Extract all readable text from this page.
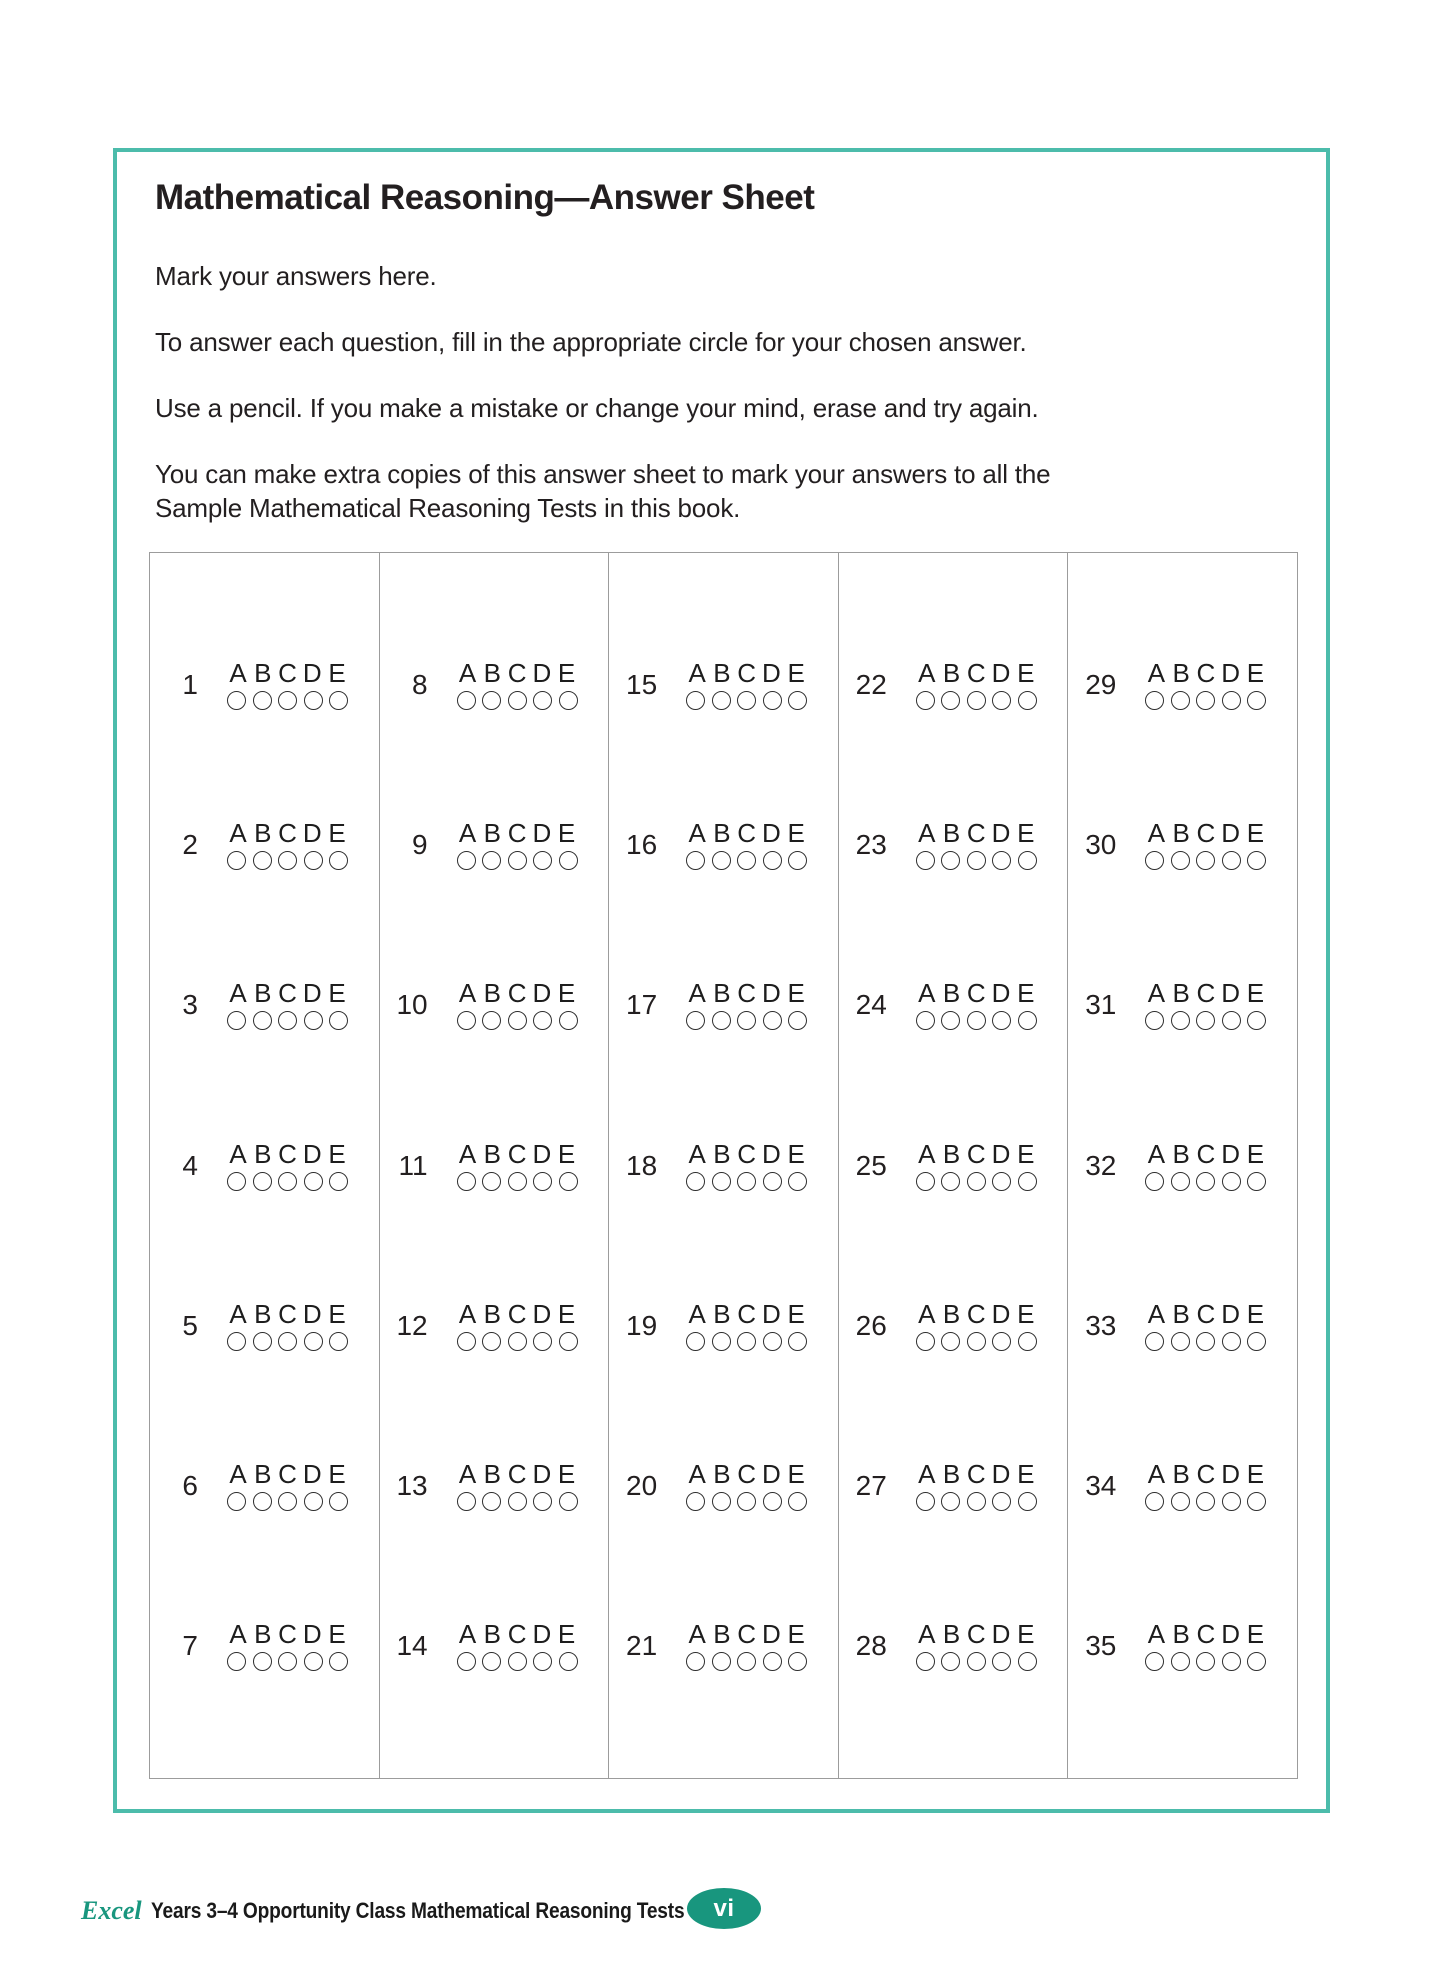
Mathematical Reasoning—Answer Sheet

Mark your answers here.

To answer each question, fill in the appropriate circle for your chosen answer.

Use a pencil. If you make a mistake or change your mind, erase and try again.

You can make extra copies of this answer sheet to mark your answers to all the
Sample Mathematical Reasoning Tests in this book.

1 A B C D E
2 A B C D E
3 A B C D E
4 A B C D E
5 A B C D E
6 A B C D E
7 A B C D E
8 A B C D E
9 A B C D E
10 A B C D E
11 A B C D E
12 A B C D E
13 A B C D E
14 A B C D E
15 A B C D E
16 A B C D E
17 A B C D E
18 A B C D E
19 A B C D E
20 A B C D E
21 A B C D E
22 A B C D E
23 A B C D E
24 A B C D E
25 A B C D E
26 A B C D E
27 A B C D E
28 A B C D E
29 A B C D E
30 A B C D E
31 A B C D E
32 A B C D E
33 A B C D E
34 A B C D E
35 A B C D E
Excel Years 3–4 Opportunity Class Mathematical Reasoning Tests vi
